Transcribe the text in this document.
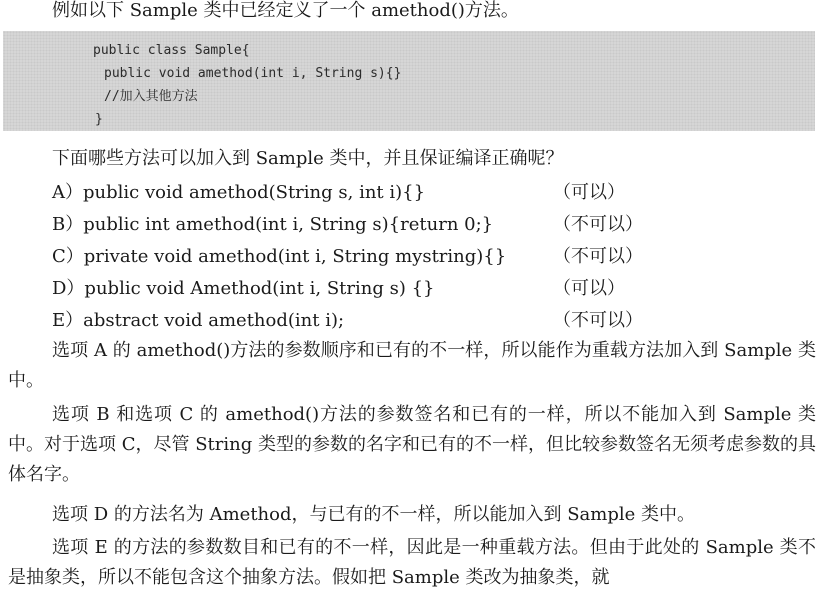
例如以下 Sample 类中已经定义了一个 amethod()方法。
public class Sample{
public void amethod(int i, String s){}
//加入其他方法
}
下面哪些方法可以加入到 Sample 类中，并且保证编译正确呢？
A）public void amethod(String s, int i){}	（可以）
B）public int amethod(int i, String s){return 0;}	（不可以）
C）private void amethod(int i, String mystring){}	（不可以）
D）public void Amethod(int i, String s) {}	（可以）
E）abstract void amethod(int i);	（不可以）
选项 A 的 amethod()方法的参数顺序和已有的不一样，所以能作为重载方法加入到 Sample 类中。
选项 B 和选项 C 的 amethod()方法的参数签名和已有的一样，所以不能加入到 Sample 类中。对于选项 C，尽管 String 类型的参数的名字和已有的不一样，但比较参数签名无须考虑参数的具体名字。
选项 D 的方法名为 Amethod，与已有的不一样，所以能加入到 Sample 类中。
选项 E 的方法的参数数目和已有的不一样，因此是一种重载方法。但由于此处的 Sample 类不是抽象类，所以不能包含这个抽象方法。假如把 Sample 类改为抽象类，就
